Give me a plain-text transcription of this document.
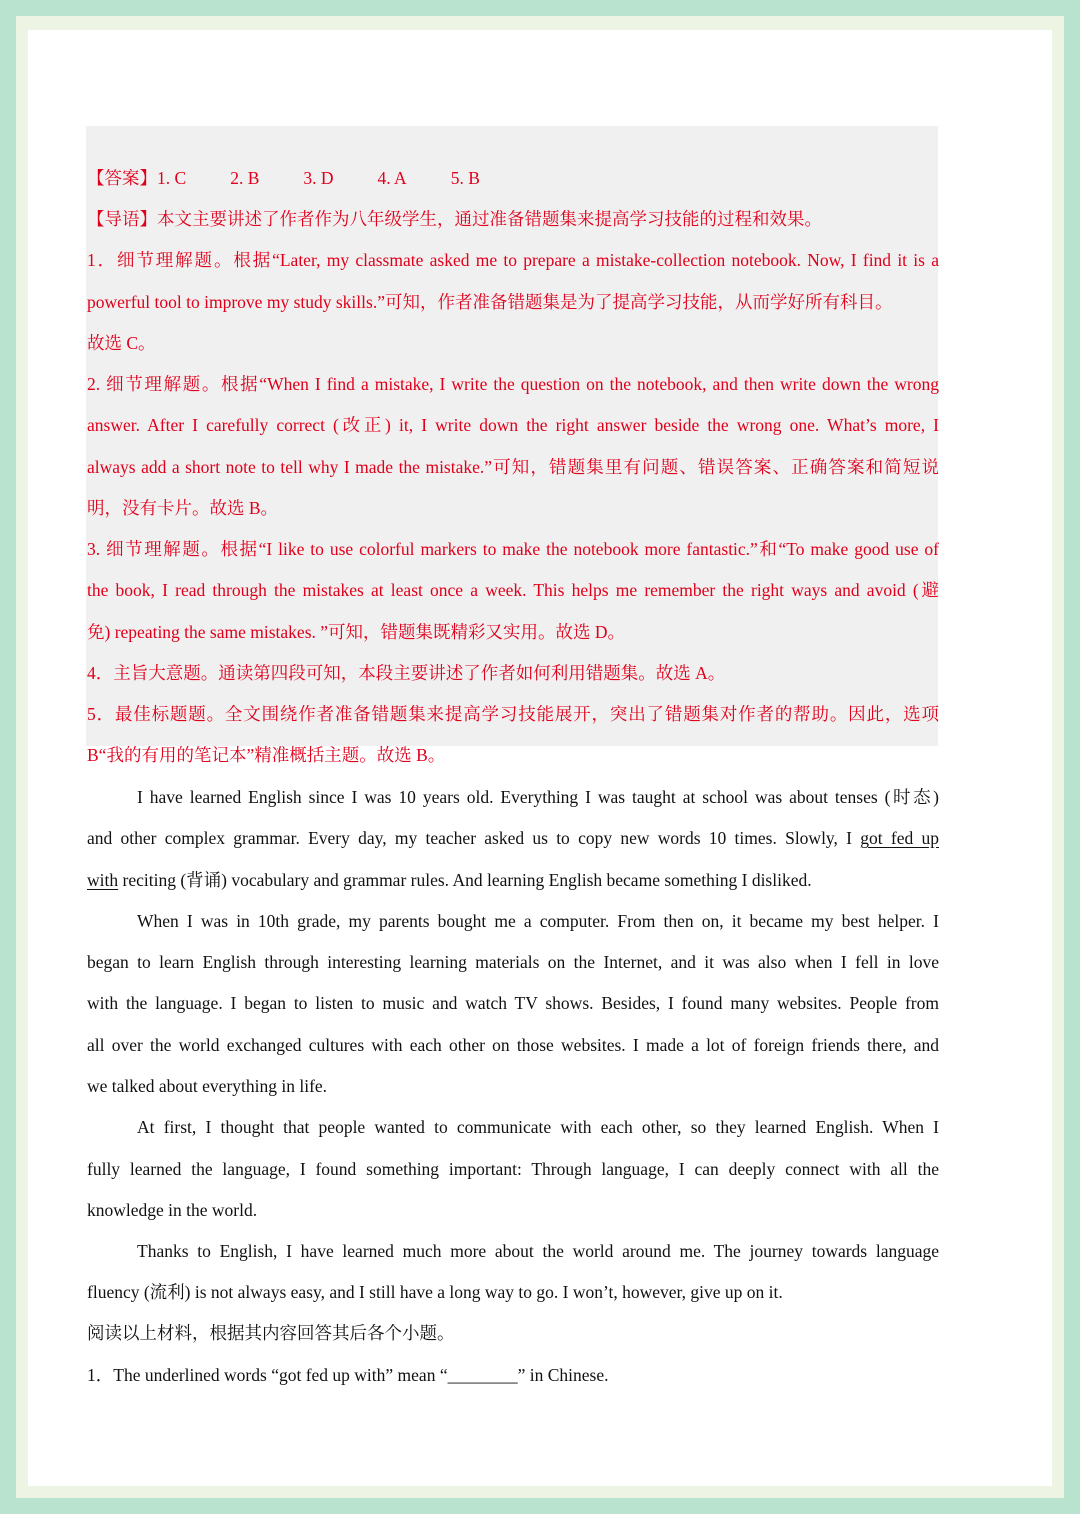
【答案】1. C	2. B	3. D	4. A	5. B
【导语】本文主要讲述了作者作为八年级学生，通过准备错题集来提高学习技能的过程和效果。
1．细节理解题。根据“Later, my classmate asked me to prepare a mistake-collection notebook. Now, I find it is a
powerful tool to improve my study skills.”可知，作者准备错题集是为了提高学习技能，从而学好所有科目。
故选 C。
2. 细节理解题。根据“When I find a mistake, I write the question on the notebook, and then write down the wrong
answer. After I carefully correct (改正) it, I write down the right answer beside the wrong one. What’s more, I
always add a short note to tell why I made the mistake.”可知，错题集里有问题、错误答案、正确答案和简短说
明，没有卡片。故选 B。
3. 细节理解题。根据“I like to use colorful markers to make the notebook more fantastic.”和“To make good use of
the book, I read through the mistakes at least once a week. This helps me remember the right ways and avoid (避
免) repeating the same mistakes. ”可知，错题集既精彩又实用。故选 D。
4．主旨大意题。通读第四段可知，本段主要讲述了作者如何利用错题集。故选 A。
5．最佳标题题。全文围绕作者准备错题集来提高学习技能展开，突出了错题集对作者的帮助。因此，选项
B“我的有用的笔记本”精准概括主题。故选 B。
I have learned English since I was 10 years old. Everything I was taught at school was about tenses (时态)
and other complex grammar. Every day, my teacher asked us to copy new words 10 times. Slowly, I got fed up
with reciting (背诵) vocabulary and grammar rules. And learning English became something I disliked.
When I was in 10th grade, my parents bought me a computer. From then on, it became my best helper. I
began to learn English through interesting learning materials on the Internet, and it was also when I fell in love
with the language. I began to listen to music and watch TV shows. Besides, I found many websites. People from
all over the world exchanged cultures with each other on those websites. I made a lot of foreign friends there, and
we talked about everything in life.
At first, I thought that people wanted to communicate with each other, so they learned English. When I
fully learned the language, I found something important: Through language, I can deeply connect with all the
knowledge in the world.
Thanks to English, I have learned much more about the world around me. The journey towards language
fluency (流利) is not always easy, and I still have a long way to go. I won’t, however, give up on it.
阅读以上材料，根据其内容回答其后各个小题。
1．The underlined words “got fed up with” mean “________” in Chinese.
